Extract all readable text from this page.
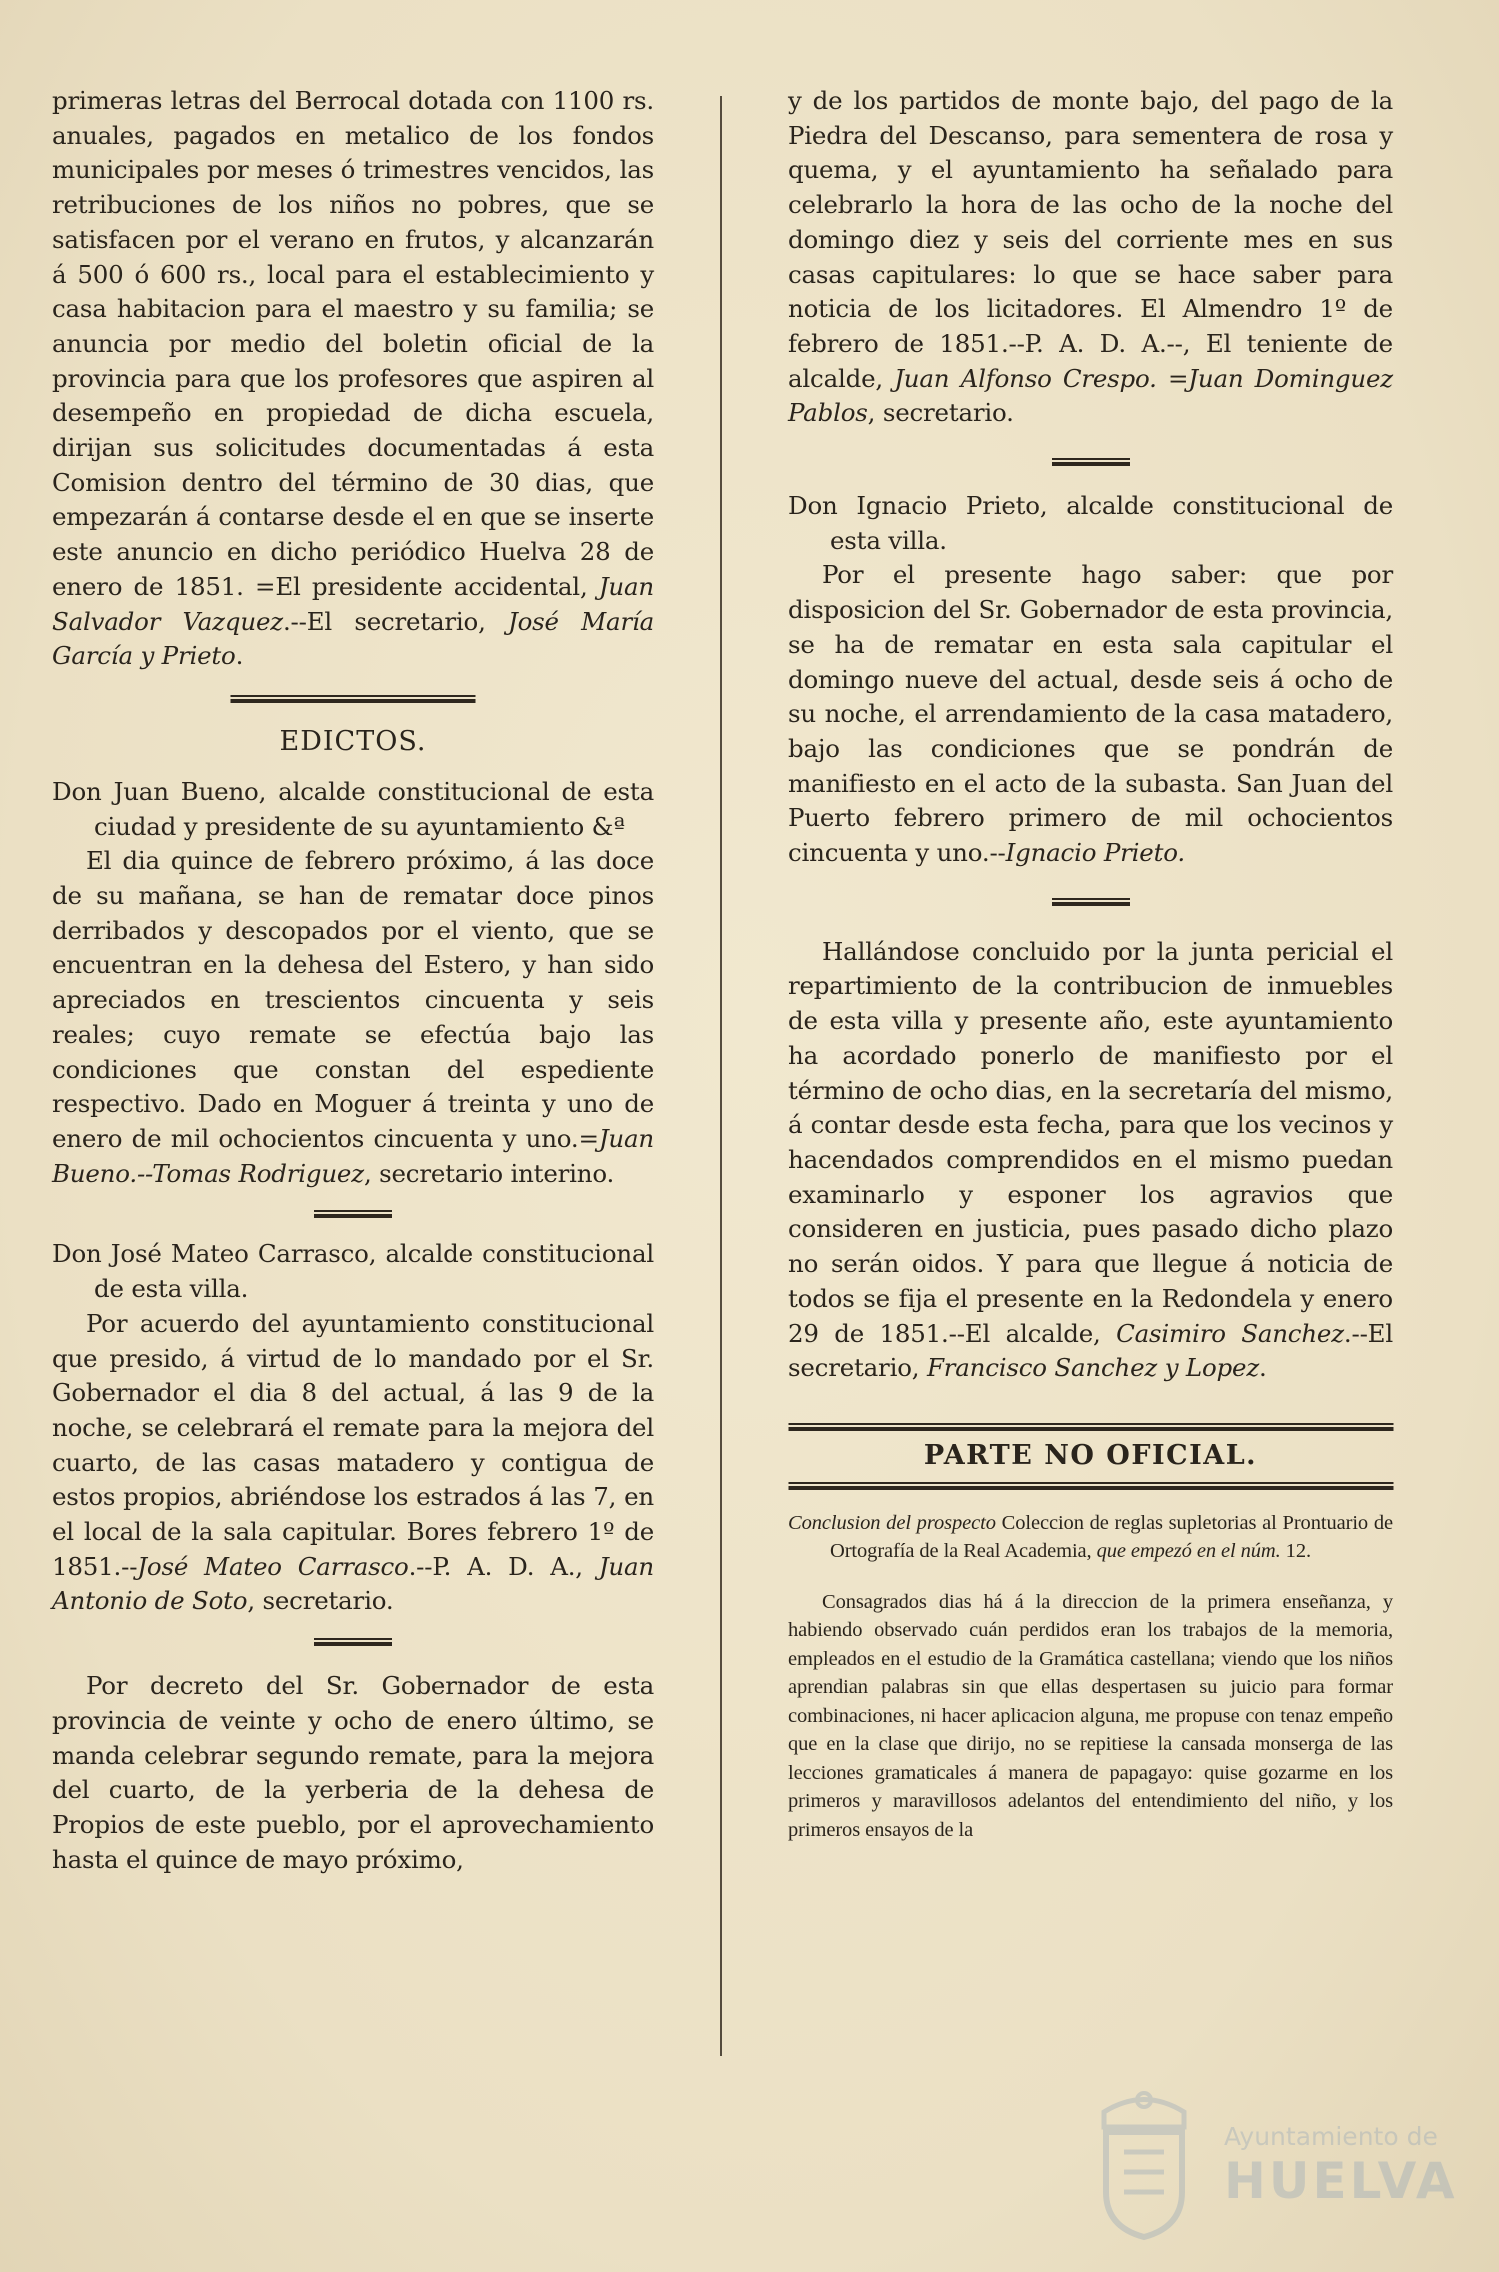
primeras letras del Berrocal dotada con 1100 rs. anuales, pagados en metalico de los fondos municipales por meses ó trimestres vencidos, las retribuciones de los niños no pobres, que se satisfacen por el verano en frutos, y alcanzarán á 500 ó 600 rs., local para el establecimiento y casa habitacion para el maestro y su familia; se anuncia por medio del boletin oficial de la provincia para que los profesores que aspiren al desempeño en propiedad de dicha escuela, dirijan sus solicitudes documentadas á esta Comision dentro del término de 30 dias, que empezarán á contarse desde el en que se inserte este anuncio en dicho periódico Huelva 28 de enero de 1851. =El presidente accidental, Juan Salvador Vazquez.--El secretario, José María García y Prieto.

EDICTOS.

Don Juan Bueno, alcalde constitucional de esta ciudad y presidente de su ayuntamiento &ª

El dia quince de febrero próximo, á las doce de su mañana, se han de rematar doce pinos derribados y descopados por el viento, que se encuentran en la dehesa del Estero, y han sido apreciados en trescientos cincuenta y seis reales; cuyo remate se efectúa bajo las condiciones que constan del espediente respectivo. Dado en Moguer á treinta y uno de enero de mil ochocientos cincuenta y uno.=Juan Bueno.--Tomas Rodriguez, secretario interino.

Don José Mateo Carrasco, alcalde constitucional de esta villa.

Por acuerdo del ayuntamiento constitucional que presido, á virtud de lo mandado por el Sr. Gobernador el dia 8 del actual, á las 9 de la noche, se celebrará el remate para la mejora del cuarto, de las casas matadero y contigua de estos propios, abriéndose los estrados á las 7, en el local de la sala capitular. Bores febrero 1º de 1851.--José Mateo Carrasco.--P. A. D. A., Juan Antonio de Soto, secretario.

Por decreto del Sr. Gobernador de esta provincia de veinte y ocho de enero último, se manda celebrar segundo remate, para la mejora del cuarto, de la yerberia de la dehesa de Propios de este pueblo, por el aprovechamiento hasta el quince de mayo próximo,

y de los partidos de monte bajo, del pago de la Piedra del Descanso, para sementera de rosa y quema, y el ayuntamiento ha señalado para celebrarlo la hora de las ocho de la noche del domingo diez y seis del corriente mes en sus casas capitulares: lo que se hace saber para noticia de los licitadores. El Almendro 1º de febrero de 1851.--P. A. D. A.--, El teniente de alcalde, Juan Alfonso Crespo. =Juan Dominguez Pablos, secretario.

Don Ignacio Prieto, alcalde constitucional de esta villa.

Por el presente hago saber: que por disposicion del Sr. Gobernador de esta provincia, se ha de rematar en esta sala capitular el domingo nueve del actual, desde seis á ocho de su noche, el arrendamiento de la casa matadero, bajo las condiciones que se pondrán de manifiesto en el acto de la subasta. San Juan del Puerto febrero primero de mil ochocientos cincuenta y uno.--Ignacio Prieto.

Hallándose concluido por la junta pericial el repartimiento de la contribucion de inmuebles de esta villa y presente año, este ayuntamiento ha acordado ponerlo de manifiesto por el término de ocho dias, en la secretaría del mismo, á contar desde esta fecha, para que los vecinos y hacendados comprendidos en el mismo puedan examinarlo y esponer los agravios que consideren en justicia, pues pasado dicho plazo no serán oidos. Y para que llegue á noticia de todos se fija el presente en la Redondela y enero 29 de 1851.--El alcalde, Casimiro Sanchez.--El secretario, Francisco Sanchez y Lopez.

PARTE NO OFICIAL.

Conclusion del prospecto Coleccion de reglas supletorias al Prontuario de Ortografía de la Real Academia, que empezó en el núm. 12.

Consagrados dias há á la direccion de la primera enseñanza, y habiendo observado cuán perdidos eran los trabajos de la memoria, empleados en el estudio de la Gramática castellana; viendo que los niños aprendian palabras sin que ellas despertasen su juicio para formar combinaciones, ni hacer aplicacion alguna, me propuse con tenaz empeño que en la clase que dirijo, no se repitiese la cansada monserga de las lecciones gramaticales á manera de papagayo: quise gozarme en los primeros y maravillosos adelantos del entendimiento del niño, y los primeros ensayos de la

Ayuntamiento de
HUELVA
